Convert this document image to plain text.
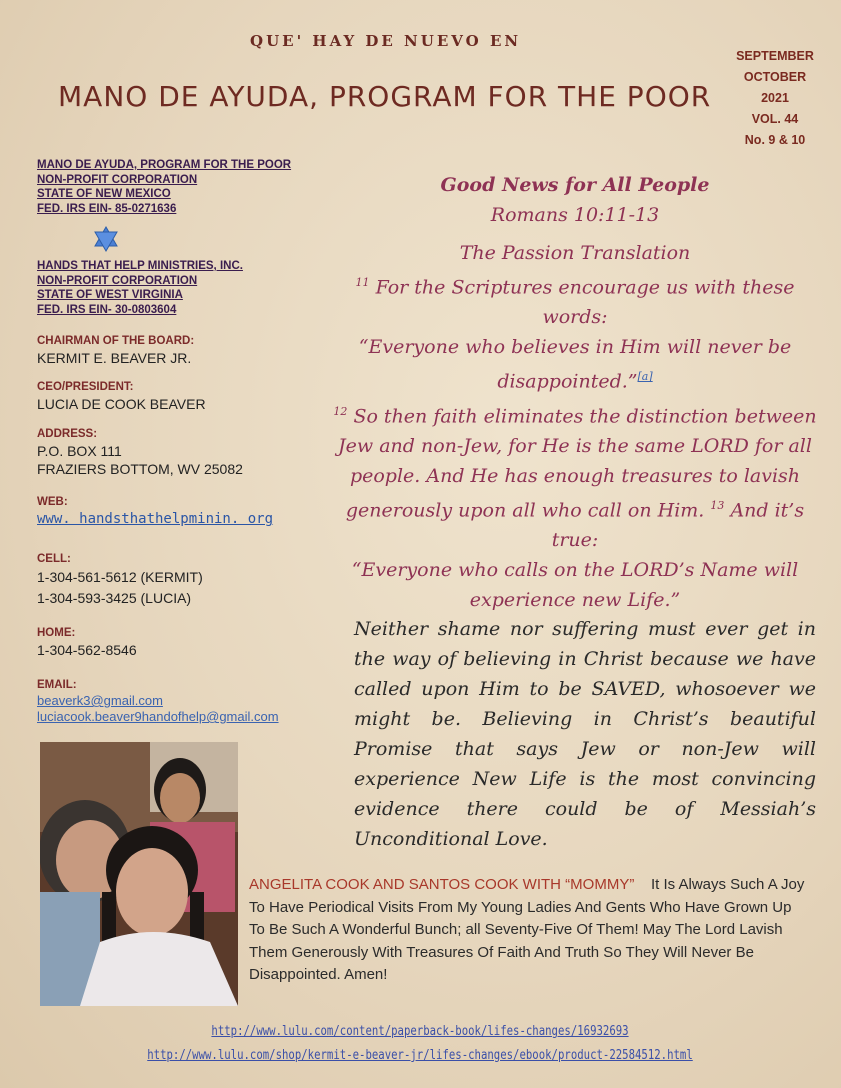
QUE' HAY DE NUEVO EN
MANO DE AYUDA, PROGRAM FOR THE POOR
SEPTEMBER
OCTOBER
2021
VOL. 44
No. 9 & 10
MANO DE AYUDA, PROGRAM FOR THE POOR
NON-PROFIT CORPORATION
STATE OF NEW MEXICO
FED. IRS EIN- 85-0271636
HANDS THAT HELP MINISTRIES, INC.
NON-PROFIT CORPORATION
STATE OF WEST VIRGINIA
FED. IRS EIN- 30-0803604
CHAIRMAN OF THE BOARD:
KERMIT E. BEAVER JR.
CEO/PRESIDENT:
LUCIA DE COOK BEAVER
ADDRESS:
P.O. BOX 111
FRAZIERS BOTTOM, WV 25082
WEB:
www. handsthathelpminin. org
CELL:
1-304-561-5612 (KERMIT)
1-304-593-3425 (LUCIA)
HOME:
1-304-562-8546
EMAIL:
beaverk3@gmail.com
luciacook.beaver9handofhelp@gmail.com
Good News for All People
Romans 10:11-13
The Passion Translation
$^{11}$ For the Scriptures encourage us with these words:
“Everyone who believes in Him will never be disappointed.”[a]
$^{12}$ So then faith eliminates the distinction between Jew and non-Jew, for He is the same LORD for all people. And He has enough treasures to lavish generously upon all who call on Him. $^{13}$ And it’s true:
“Everyone who calls on the LORD’s Name will experience new Life.”
Neither shame nor suffering must ever get in the way of believing in Christ because we have called upon Him to be SAVED, whosoever we might be. Believing in Christ’s beautiful Promise that says Jew or non-Jew will experience New Life is the most convincing evidence there could be of Messiah’s Unconditional Love.
ANGELITA COOK AND SANTOS COOK WITH “MOMMY” It Is Always Such A Joy To Have Periodical Visits From My Young Ladies And Gents Who Have Grown Up To Be Such A Wonderful Bunch; all Seventy-Five Of Them! May The Lord Lavish Them Generously With Treasures Of Faith And Truth So They Will Never Be Disappointed. Amen!
http://www.lulu.com/content/paperback-book/lifes-changes/16932693
http://www.lulu.com/shop/kermit-e-beaver-jr/lifes-changes/ebook/product-22584512.html
